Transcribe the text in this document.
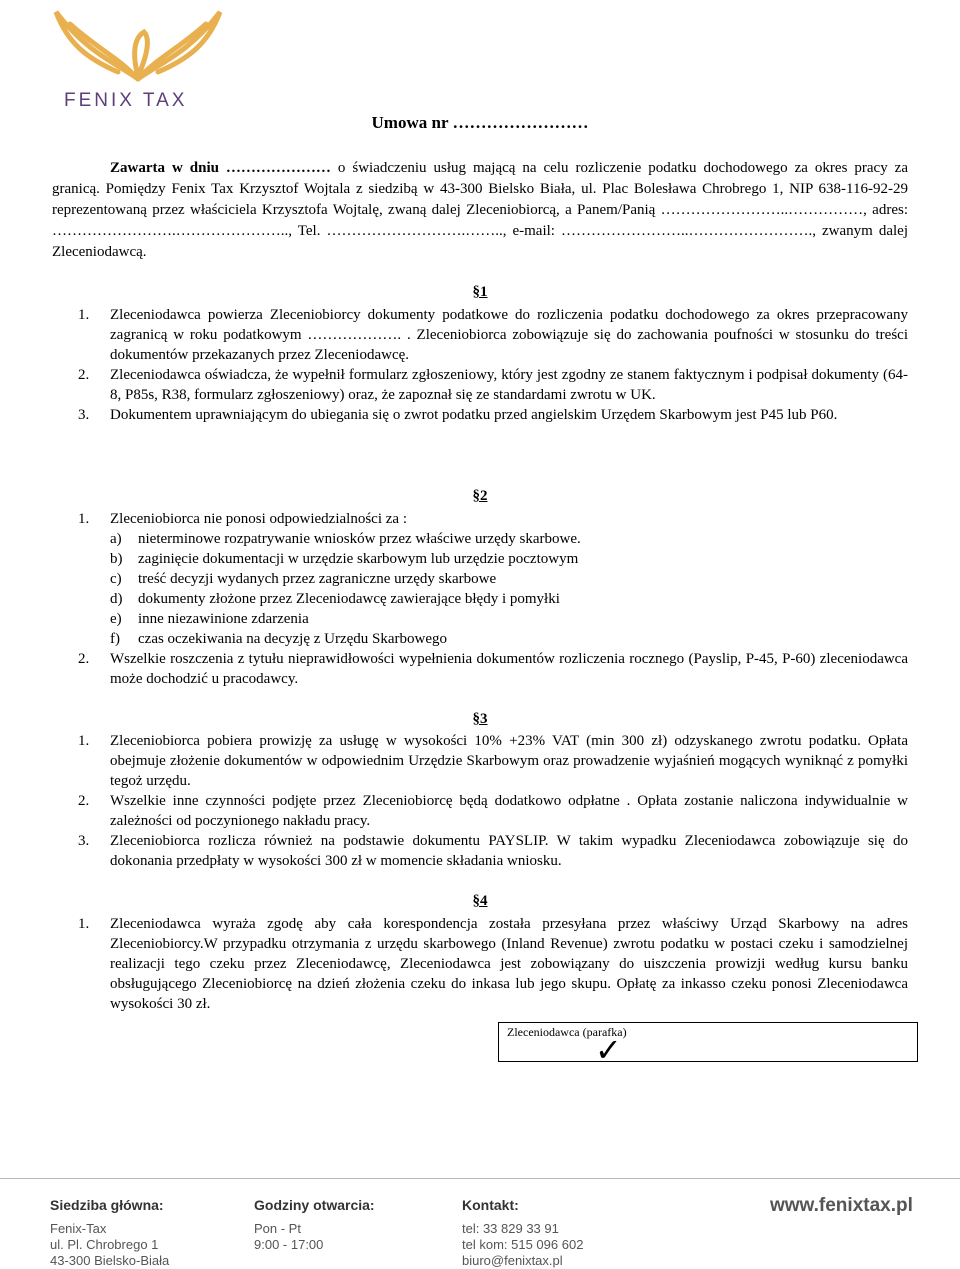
FENIX TAX
Umowa nr ……………………
Zawarta w dniu ………………… o świadczeniu usług mającą na celu rozliczenie podatku dochodowego za okres pracy za granicą. Pomiędzy Fenix Tax Krzysztof Wojtala z siedzibą w 43-300 Bielsko Biała, ul. Plac Bolesława Chrobrego 1, NIP 638-116-92-29 reprezentowaną przez właściciela Krzysztofa Wojtalę, zwaną dalej Zleceniobiorcą, a Panem/Panią ……………………..……………, adres: …………………….………………….., Tel. ……………………….…….., e-mail: ……………………..……………………., zwanym dalej Zleceniodawcą.
§1
1. Zleceniodawca powierza Zleceniobiorcy dokumenty podatkowe do rozliczenia podatku dochodowego za okres przepracowany zagranicą w roku podatkowym ………………. . Zleceniobiorca zobowiązuje się do zachowania poufności w stosunku do treści dokumentów przekazanych przez Zleceniodawcę.
2. Zleceniodawca oświadcza, że wypełnił formularz zgłoszeniowy, który jest zgodny ze stanem faktycznym i podpisał dokumenty (64-8, P85s, R38, formularz zgłoszeniowy) oraz, że zapoznał się ze standardami zwrotu w UK.
3. Dokumentem uprawniającym do ubiegania się o zwrot podatku przed angielskim Urzędem Skarbowym jest P45 lub P60.
§2
1. Zleceniobiorca nie ponosi odpowiedzialności za :
a) nieterminowe rozpatrywanie wniosków przez właściwe urzędy skarbowe.
b) zaginięcie dokumentacji w urzędzie skarbowym lub urzędzie pocztowym
c) treść decyzji wydanych przez zagraniczne urzędy skarbowe
d) dokumenty złożone przez Zleceniodawcę zawierające błędy i pomyłki
e) inne niezawinione zdarzenia
f) czas oczekiwania na decyzję z Urzędu Skarbowego
2. Wszelkie roszczenia z tytułu nieprawidłowości wypełnienia dokumentów rozliczenia rocznego (Payslip, P-45, P-60) zleceniodawca może dochodzić u pracodawcy.
§3
1. Zleceniobiorca pobiera prowizję za usługę w wysokości 10% +23% VAT (min 300 zł) odzyskanego zwrotu podatku. Opłata obejmuje złożenie dokumentów w odpowiednim Urzędzie Skarbowym oraz prowadzenie wyjaśnień mogących wyniknąć z pomyłki tegoż urzędu.
2. Wszelkie inne czynności podjęte przez Zleceniobiorcę będą dodatkowo odpłatne . Opłata zostanie naliczona indywidualnie w zależności od poczynionego nakładu pracy.
3. Zleceniobiorca rozlicza również na podstawie dokumentu PAYSLIP. W takim wypadku Zleceniodawca zobowiązuje się do dokonania przedpłaty w wysokości 300 zł w momencie składania wniosku.
§4
1. Zleceniodawca wyraża zgodę aby cała korespondencja została przesyłana przez właściwy Urząd Skarbowy na adres Zleceniobiorcy.W przypadku otrzymania z urzędu skarbowego (Inland Revenue) zwrotu podatku w postaci czeku i samodzielnej realizacji tego czeku przez Zleceniodawcę, Zleceniodawca jest zobowiązany do uiszczenia prowizji według kursu banku obsługującego Zleceniobiorcę na dzień złożenia czeku do inkasa lub jego skupu. Opłatę za inkasso czeku ponosi Zleceniodawca wysokości 30 zł.
Zleceniodawca (parafka)
✓
Siedziba główna:
Fenix-Tax
ul. Pl. Chrobrego 1
43-300 Bielsko-Biała
Godziny otwarcia:
Pon - Pt
9:00 - 17:00
Kontakt:
tel: 33 829 33 91
tel kom: 515 096 602
biuro@fenixtax.pl
www.fenixtax.pl
